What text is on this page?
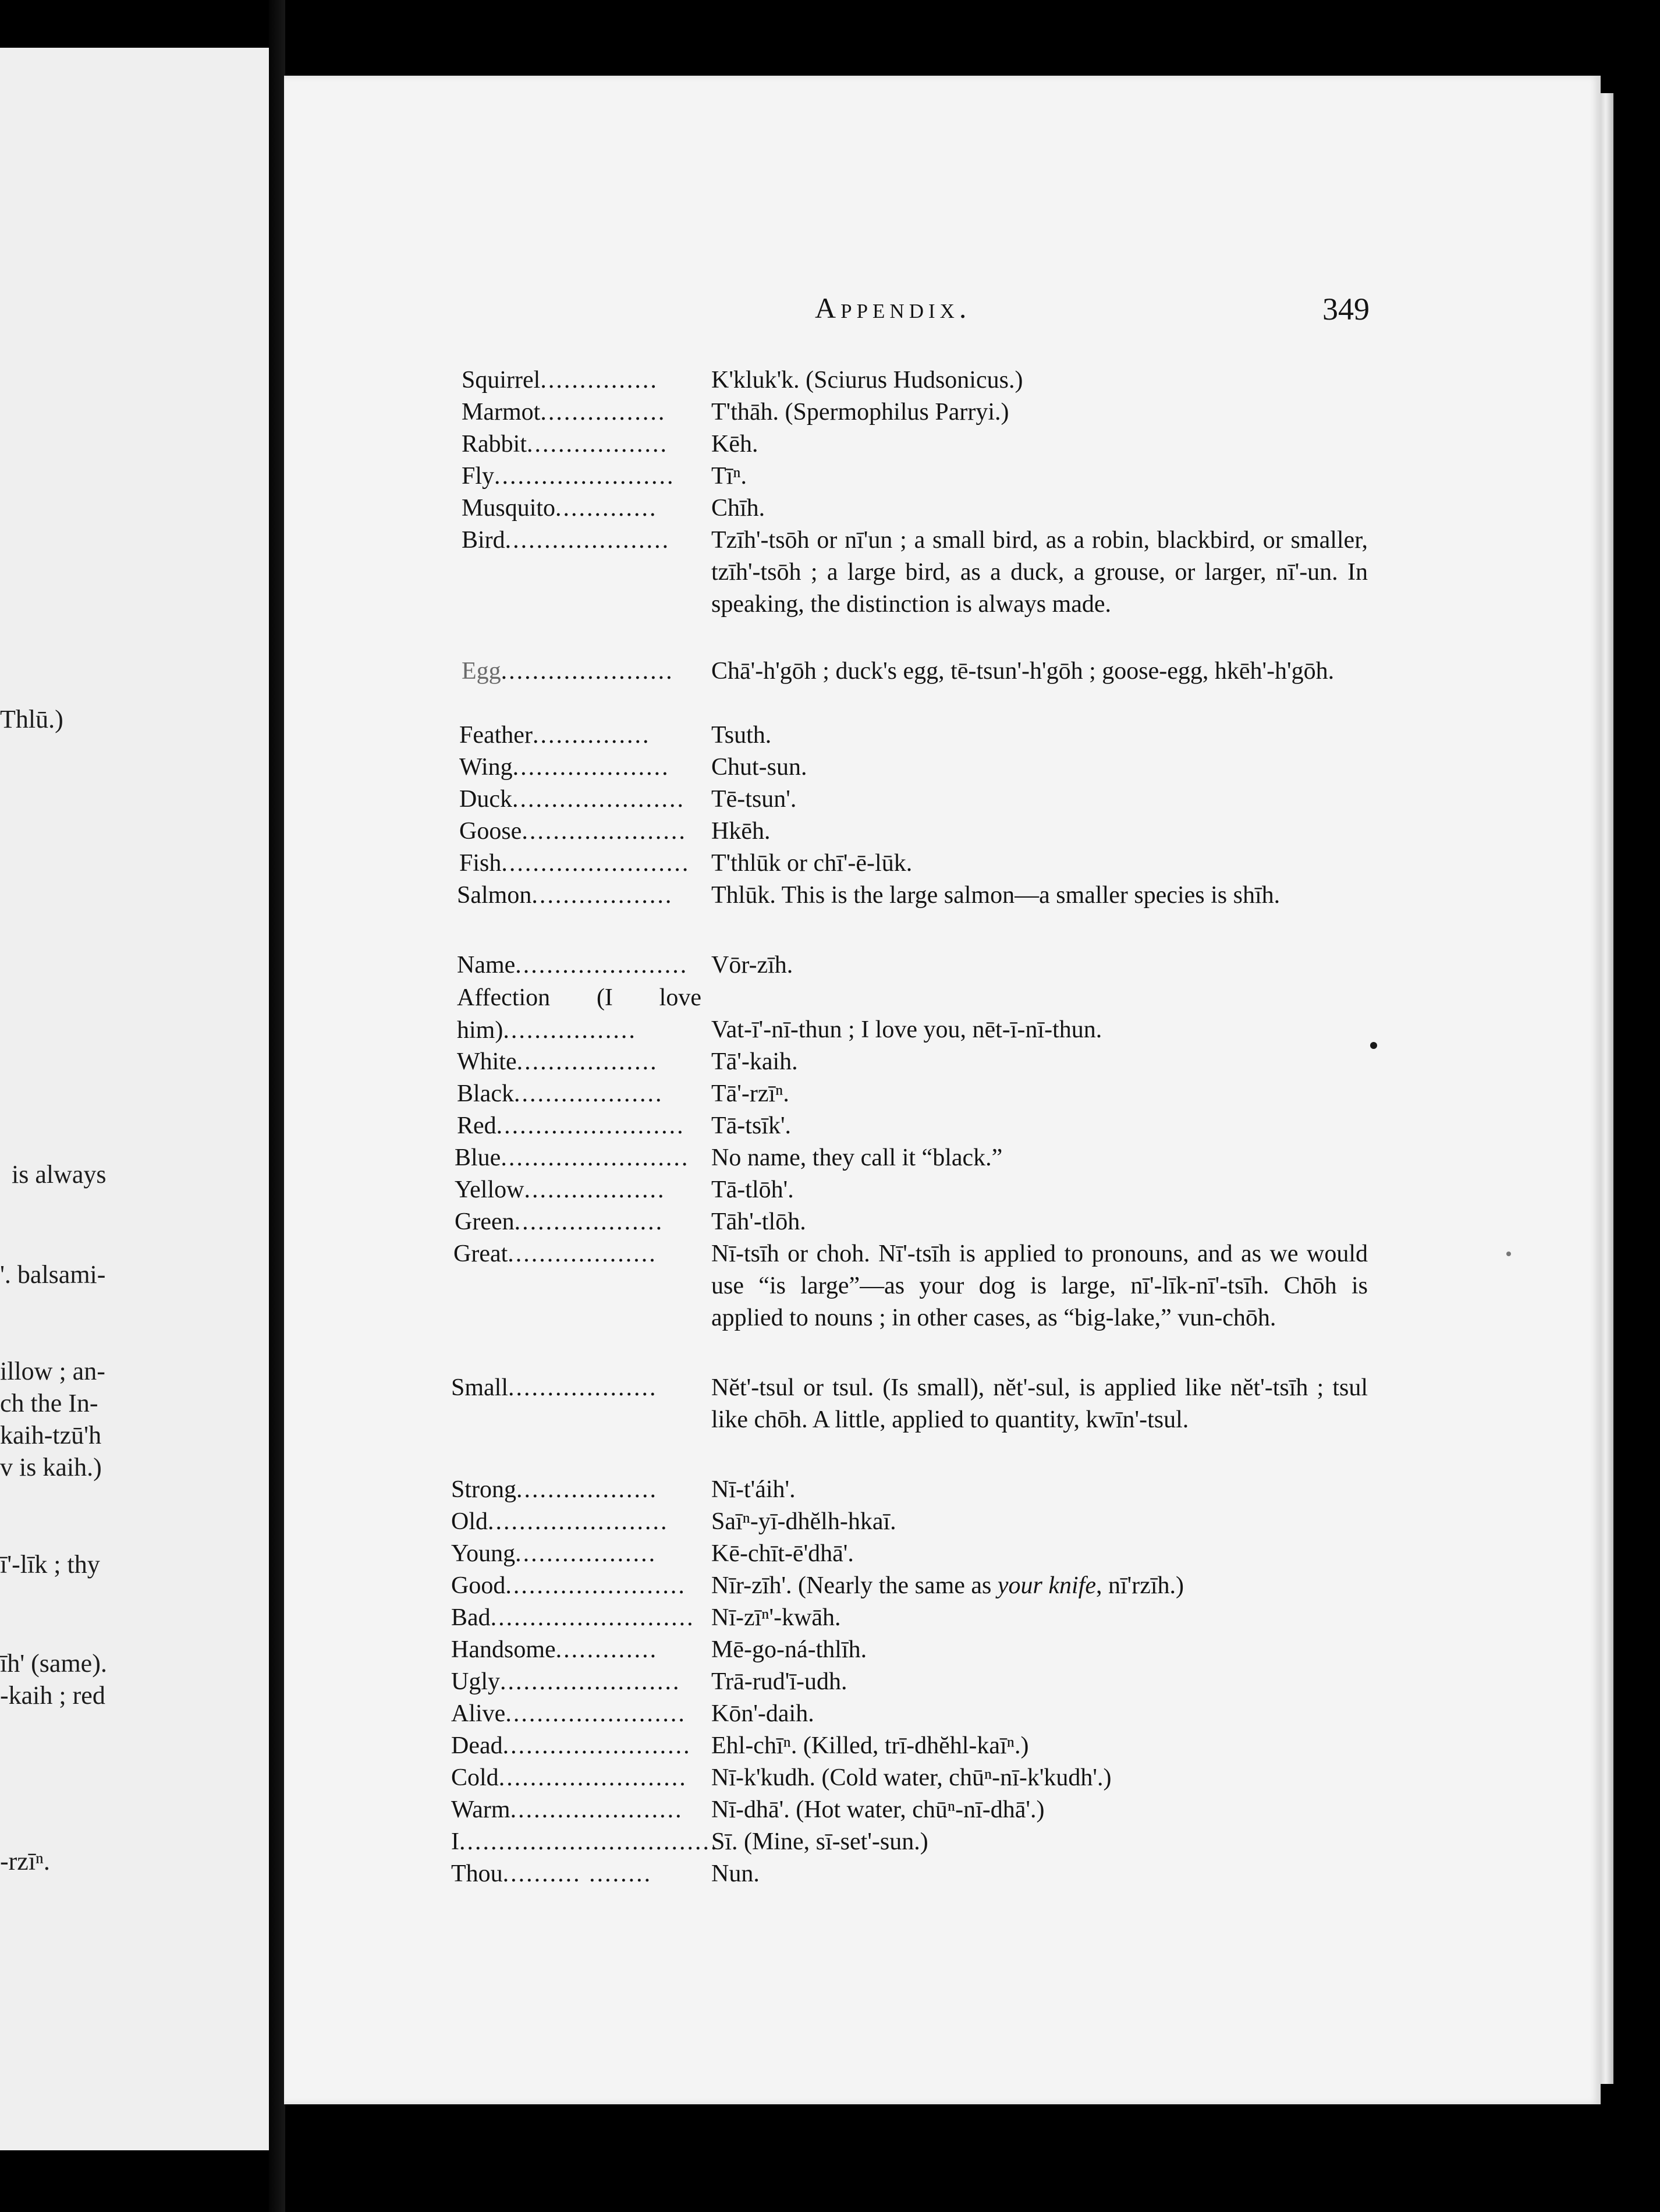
Thlū.)
is always
'. balsami-
illow ; an-
ch the In-
kaih-tzū'h
v is kaih.)
ī'-līk ; thy
īh' (same).
-kaih ; red
-rzīⁿ.
Appendix.	349
Squirrel............... K'kluk'k. (Sciurus Hudsonicus.)
Marmot................ T'thāh. (Spermophilus Parryi.)
Rabbit.................. Kēh.
Fly....................... Tīⁿ.
Musquito............. Chīh.
Bird..................... Tzīh'-tsōh or nī'un ; a small bird, as a robin, blackbird, or smaller, tzīh'-tsōh ; a large bird, as a duck, a grouse, or larger, nī'-un. In speaking, the distinction is always made.
Egg...................... Chā'-h'gōh ; duck's egg, tē-tsun'-h'gōh ; goose-egg, hkēh'-h'gōh.
Feather............... Tsuth.
Wing.................... Chut-sun.
Duck...................... Tē-tsun'.
Goose..................... Hkēh.
Fish........................ T'thlūk or chī'-ē-lūk.
Salmon.................. Thlūk. This is the large salmon—a smaller species is shīh.
Name...................... Vōr-zīh.
Affection (I love him).................	Vat-ī'-nī-thun ; I love you, nēt-ī-nī-thun.
White.................. Tā'-kaih.
Black................... Tā'-rzīⁿ.
Red........................ Tā-tsīk'.
Blue........................ No name, they call it “black.”
Yellow.................. Tā-tlōh'.
Green................... Tāh'-tlōh.
Great................... Nī-tsīh or choh. Nī'-tsīh is applied to pronouns, and as we would use “is large”—as your dog is large, nī'-līk-nī'-tsīh. Chōh is applied to nouns ; in other cases, as “big-lake,” vun-chōh.
Small................... Nĕt'-tsul or tsul. (Is small), nĕt'-sul, is applied like nĕt'-tsīh ; tsul like chōh. A little, applied to quantity, kwīn'-tsul.
Strong.................. Nī-t'áih'.
Old....................... Saīⁿ-yī-dhĕlh-hkaī.
Young.................. Kē-chīt-ē'dhā'.
Good....................... Nīr-zīh'. (Nearly the same as your knife, nī'rzīh.)
Bad.......................... Nī-zīⁿ'-kwāh.
Handsome............. Mē-go-ná-thlīh.
Ugly....................... Trā-rud'ī-udh.
Alive....................... Kōn'-daih.
Dead........................ Ehl-chīⁿ. (Killed, trī-dhĕhl-kaīⁿ.)
Cold........................ Nī-k'kudh. (Cold water, chūⁿ-nī-k'kudh'.)
Warm...................... Nī-dhā'. (Hot water, chūⁿ-nī-dhā'.)
I.................................
Sī. (Mine, sī-set'-sun.)
Thou.......... ........ Nun.
